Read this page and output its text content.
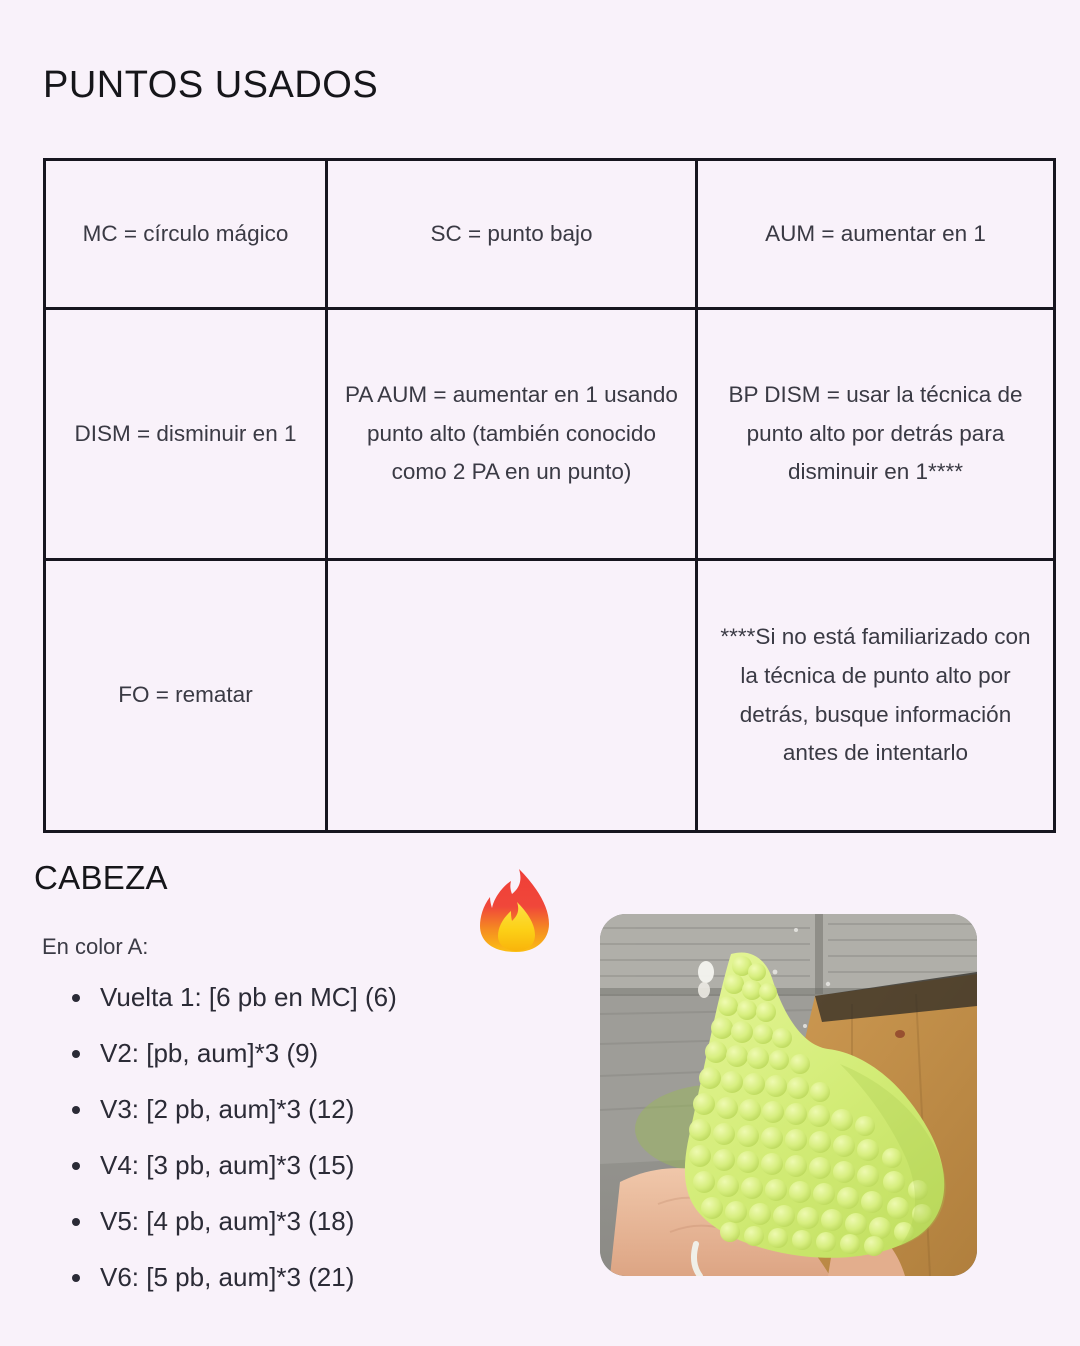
PUNTOS USADOS
MC = círculo mágico	SC = punto bajo	AUM = aumentar en 1
DISM = disminuir en 1	PA AUM = aumentar en 1 usando punto alto (también conocido como 2 PA en un punto)	BP DISM = usar la técnica de punto alto por detrás para disminuir en 1****
FO = rematar		****Si no está familiarizado con la técnica de punto alto por detrás, busque información antes de intentarlo
CABEZA
En color A:
Vuelta 1: [6 pb en MC] (6)
V2: [pb, aum]*3 (9)
V3: [2 pb, aum]*3 (12)
V4: [3 pb, aum]*3 (15)
V5: [4 pb, aum]*3 (18)
V6: [5 pb, aum]*3 (21)
